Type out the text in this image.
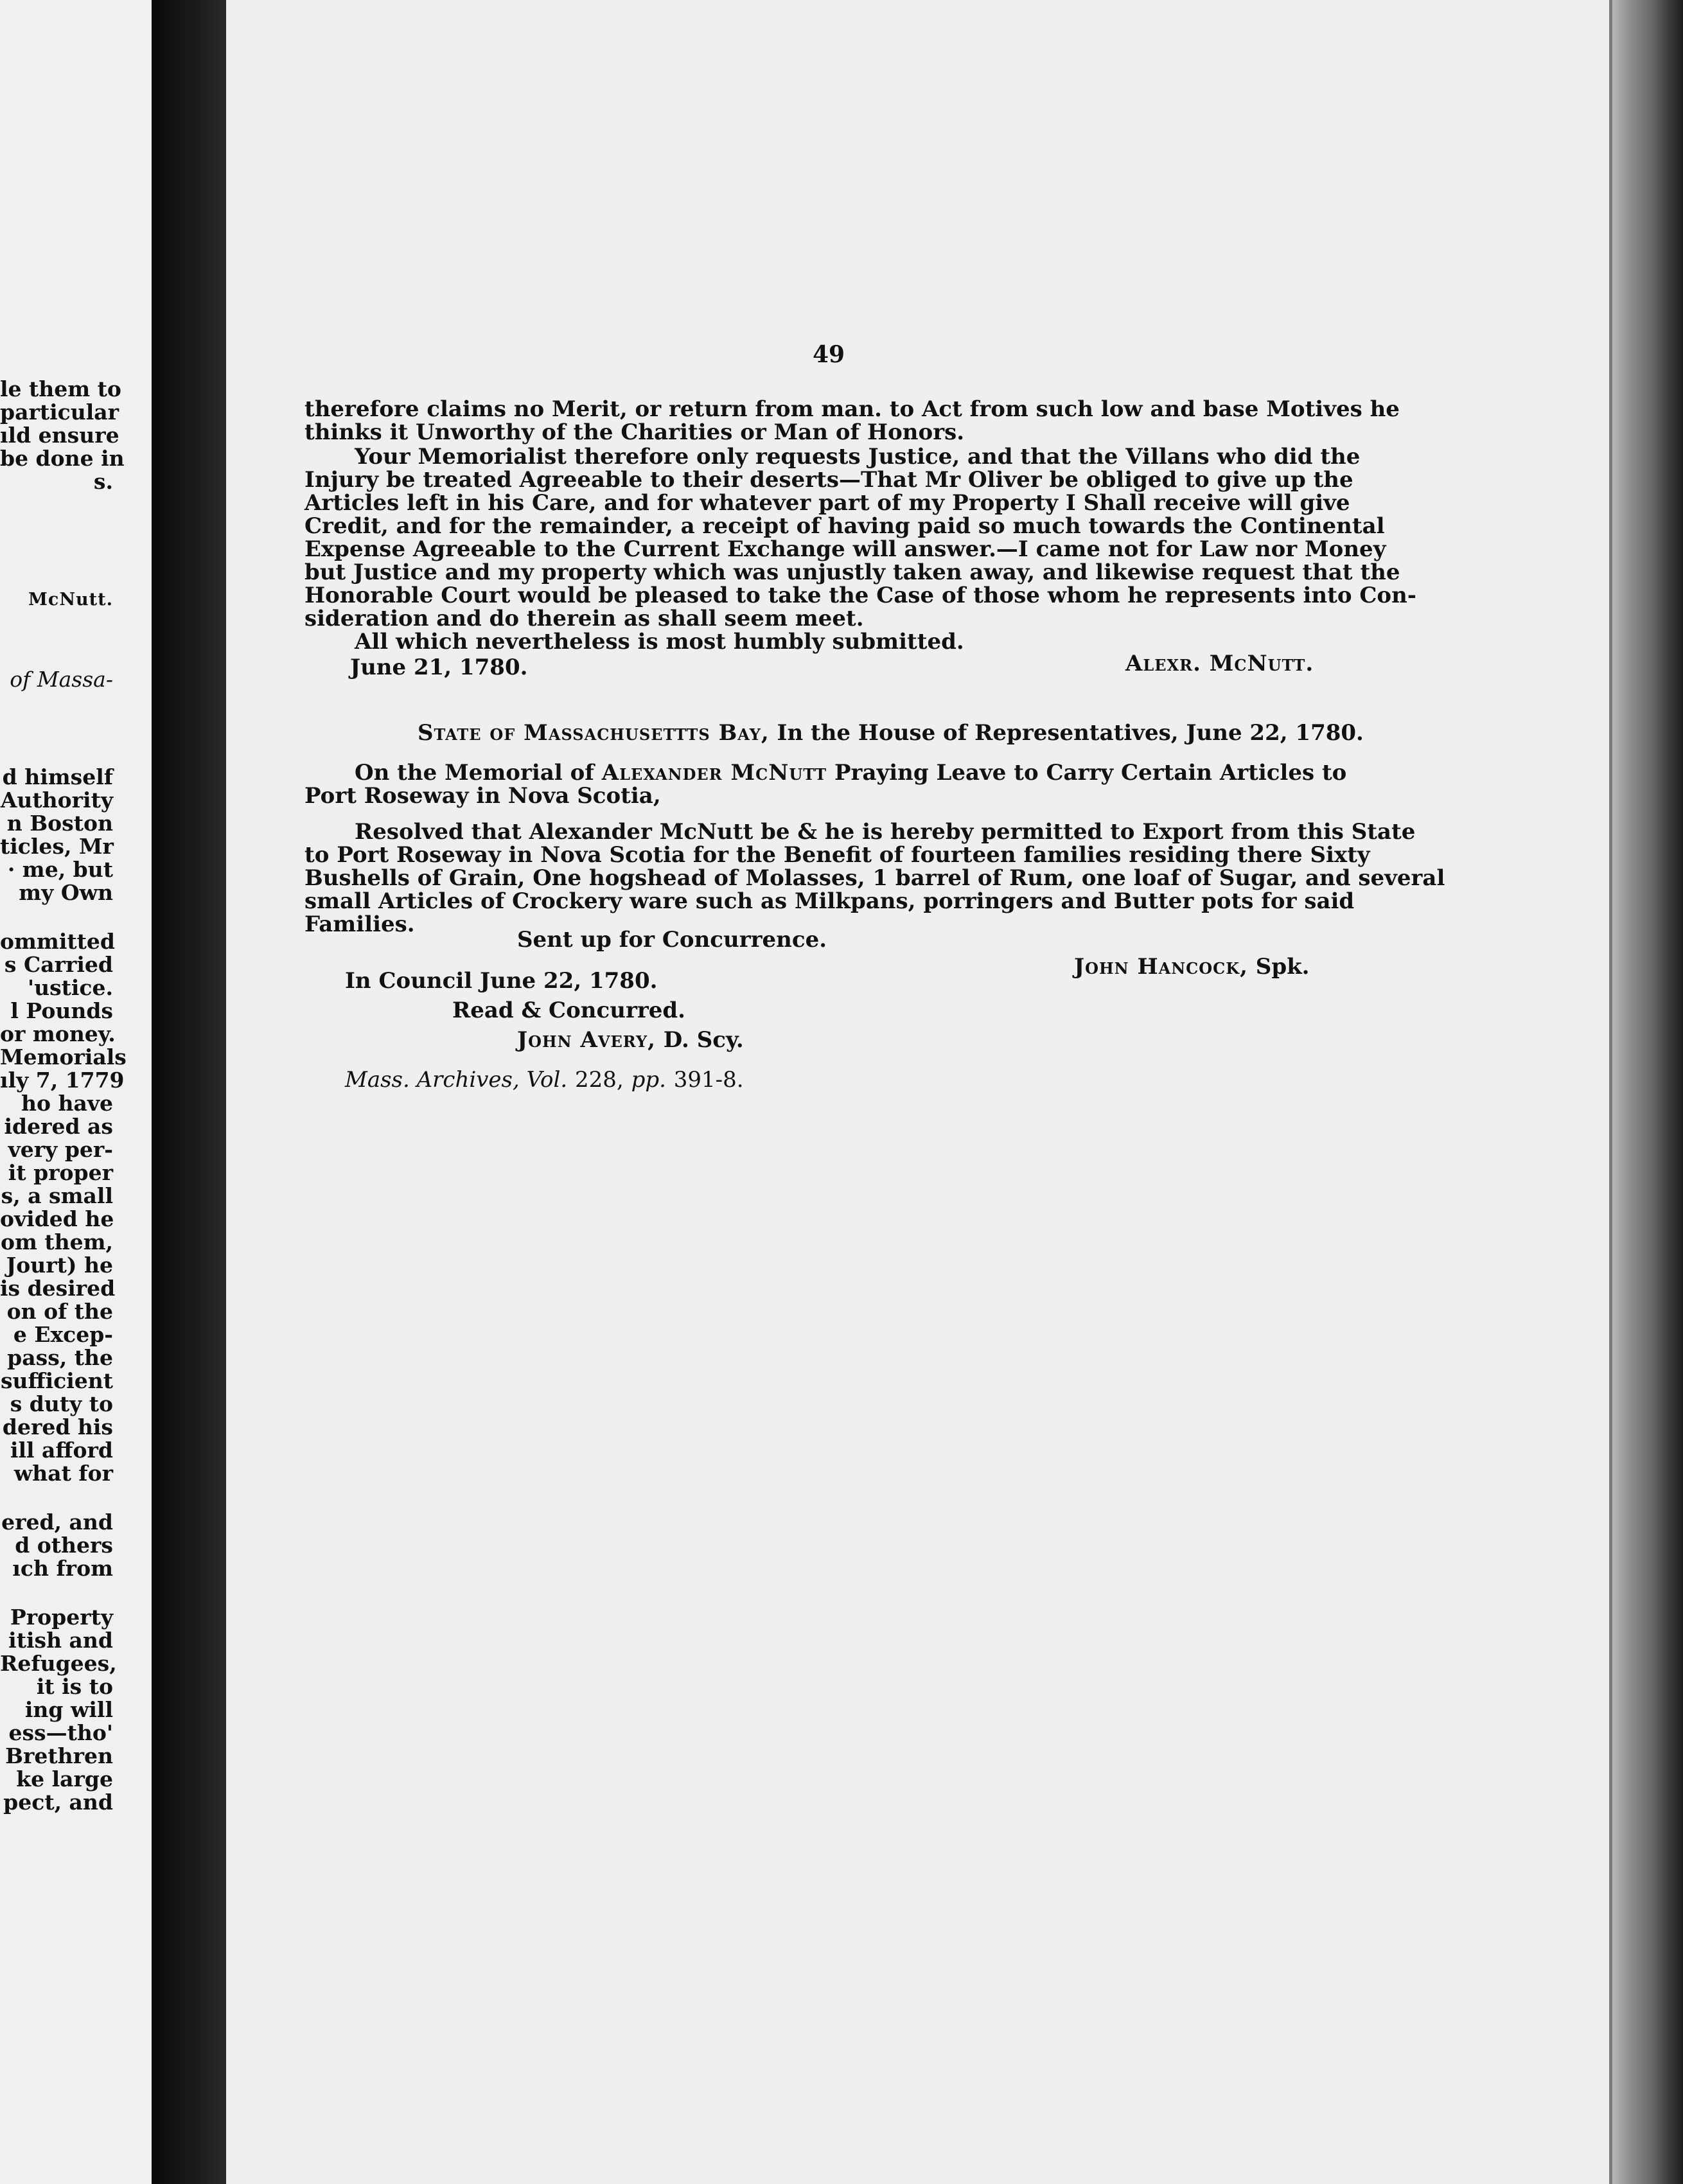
le them to
particular
ıld ensure
be done in
s.
McNutt.
of Massa-
d himself
Authority
n Boston
ticles, Mr
· me, but
my Own
ommitted
s Carried
'ustice.
l Pounds
or money.
Memorials
ıly 7, 1779
ho have
idered as
very per-
it proper
s, a small
ovided he
om them,
Jourt) he
is desired
on of the
e Excep-
pass, the
sufficient
s duty to
dered his
ill afford
what for
ered, and
d others
ıch from
Property
itish and
Refugees,
it is to
ing will
ess—tho'
Brethren
ke large
pect, and
49
therefore claims no Merit, or return from man. to Act from such low and base Motives he
thinks it Unworthy of the Charities or Man of Honors.
Your Memorialist therefore only requests Justice, and that the Villans who did the
Injury be treated Agreeable to their deserts—That Mr Oliver be obliged to give up the
Articles left in his Care, and for whatever part of my Property I Shall receive will give
Credit, and for the remainder, a receipt of having paid so much towards the Continental
Expense Agreeable to the Current Exchange will answer.—I came not for Law nor Money
but Justice and my property which was unjustly taken away, and likewise request that the
Honorable Court would be pleased to take the Case of those whom he represents into Con-
sideration and do therein as shall seem meet.
All which nevertheless is most humbly submitted.
June 21, 1780.	Alexr. McNutt.
State of Massachusettts Bay, In the House of Representatives, June 22, 1780.
On the Memorial of Alexander McNutt Praying Leave to Carry Certain Articles to
Port Roseway in Nova Scotia,
Resolved that Alexander McNutt be & he is hereby permitted to Export from this State
to Port Roseway in Nova Scotia for the Benefit of fourteen families residing there Sixty
Bushells of Grain, One hogshead of Molasses, 1 barrel of Rum, one loaf of Sugar, and several
small Articles of Crockery ware such as Milkpans, porringers and Butter pots for said
Families.
Sent up for Concurrence.
John Hancock, Spk.
In Council June 22, 1780.
Read & Concurred.
John Avery, D. Scy.
Mass. Archives, Vol. 228, pp. 391-8.
